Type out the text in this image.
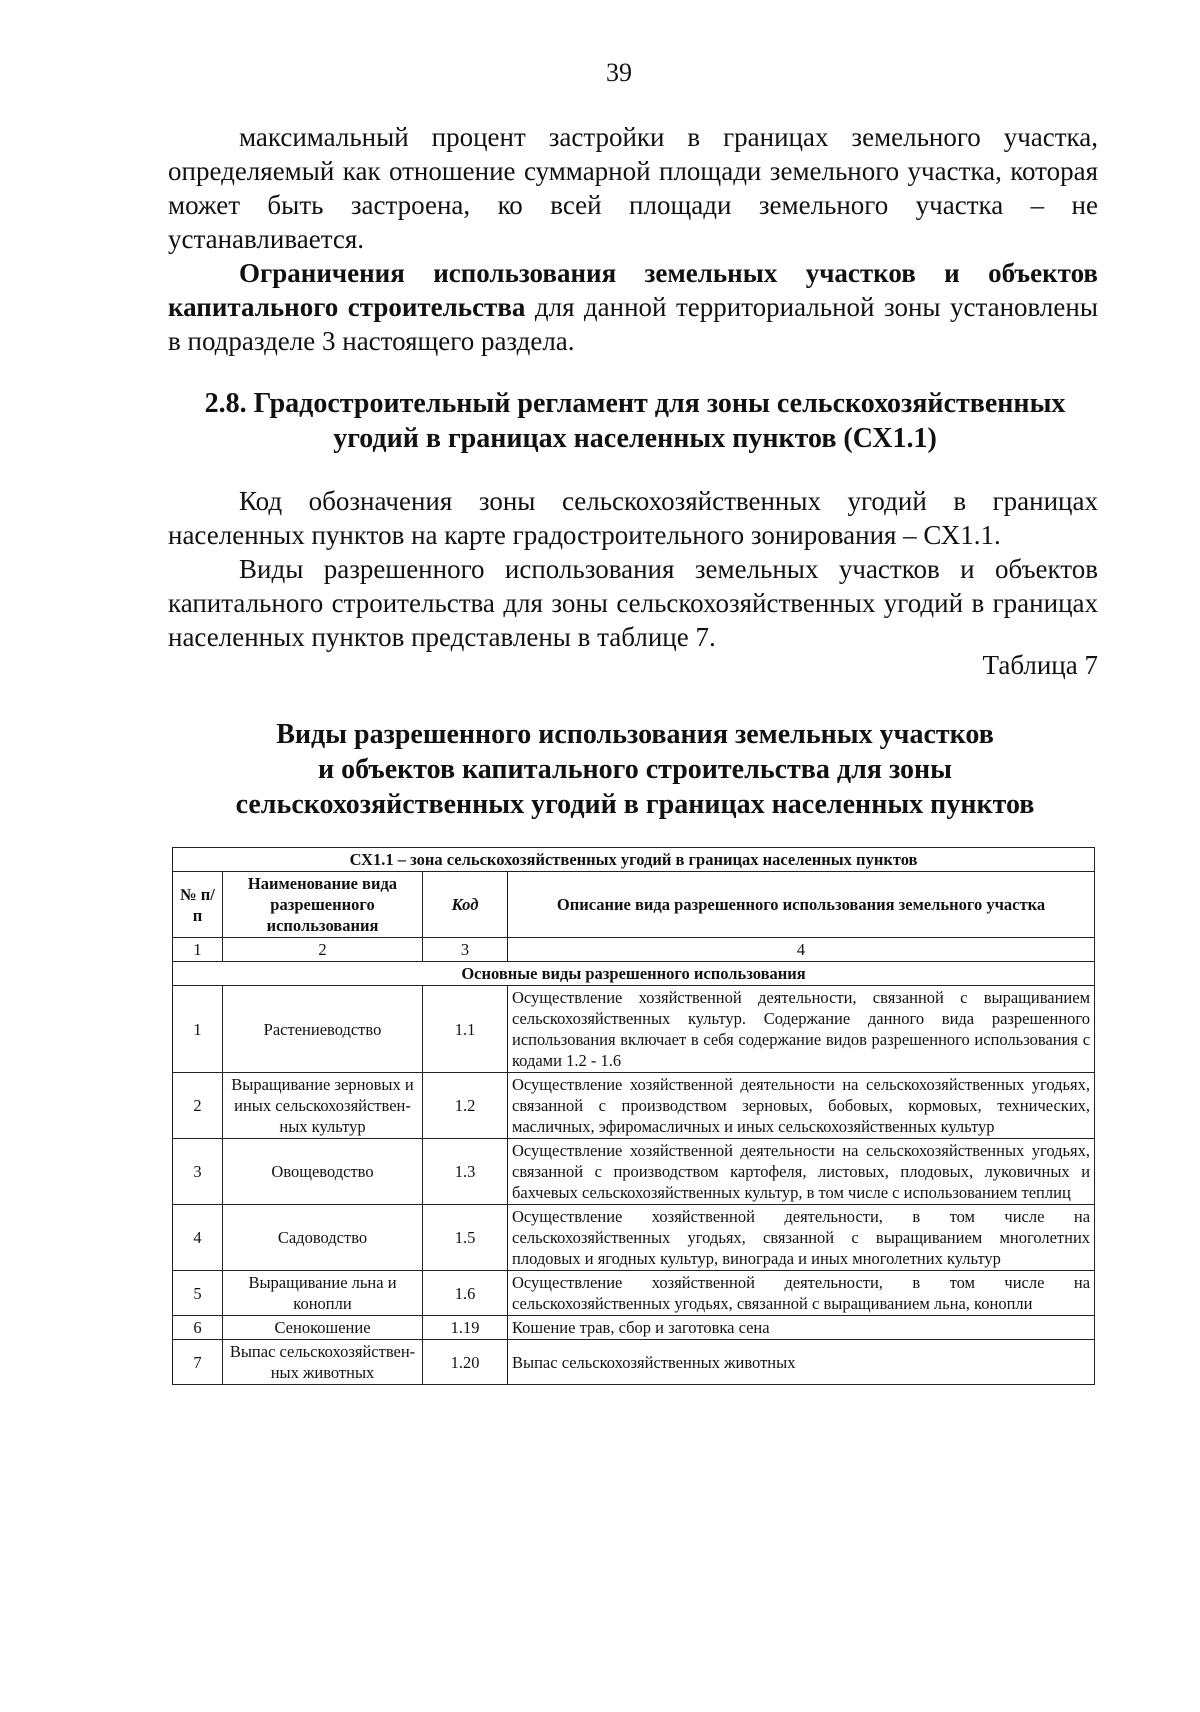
39

максимальный процент застройки в границах земельного участка, определяемый как отношение суммарной площади земельного участка, которая может быть застроена, ко всей площади земельного участка – не устанавливается.

Ограничения использования земельных участков и объектов капитального строительства для данной территориальной зоны установлены в подразделе 3 настоящего раздела.

2.8. Градостроительный регламент для зоны сельскохозяйственных
угодий в границах населенных пунктов (СХ1.1)

Код обозначения зоны сельскохозяйственных угодий в границах населенных пунктов на карте градостроительного зонирования – СХ1.1.

Виды разрешенного использования земельных участков и объектов капитального строительства для зоны сельскохозяйственных угодий в границах населенных пунктов представлены в таблице 7.

Таблица 7
Виды разрешенного использования земельных участков
и объектов капитального строительства для зоны
сельскохозяйственных угодий в границах населенных пунктов
СХ1.1 – зона сельскохозяйственных угодий в границах населенных пунктов			
№ п/п	Наименование вида разрешенного использования	Код	Описание вида разрешенного использования земельного участка
1	2	3	4
Основные виды разрешенного использования			
1	Растениеводство	1.1	Осуществление хозяйственной деятельности, связанной с выращиванием сельскохозяйственных культур. Содержание данного вида разрешенного использования включает в себя содержание видов разрешенного использования с кодами 1.2 - 1.6
2	Выращивание зерновых и иных сельскохозяйствен-ных культур	1.2	Осуществление хозяйственной деятельности на сельскохозяйственных угодьях, связанной с производством зерновых, бобовых, кормовых, технических, масличных, эфиромасличных и иных сельскохозяйственных культур
3	Овощеводство	1.3	Осуществление хозяйственной деятельности на сельскохозяйственных угодьях, связанной с производством картофеля, листовых, плодовых, луковичных и бахчевых сельскохозяйственных культур, в том числе с использованием теплиц
4	Садоводство	1.5	Осуществление хозяйственной деятельности, в том числе на сельскохозяйственных угодьях, связанной с выращиванием многолетних плодовых и ягодных культур, винограда и иных многолетних культур
5	Выращивание льна и конопли	1.6	Осуществление хозяйственной деятельности, в том числе на сельскохозяйственных угодьях, связанной с выращиванием льна, конопли
6	Сенокошение	1.19	Кошение трав, сбор и заготовка сена
7	Выпас сельскохозяйствен-ных животных	1.20	Выпас сельскохозяйственных животных
